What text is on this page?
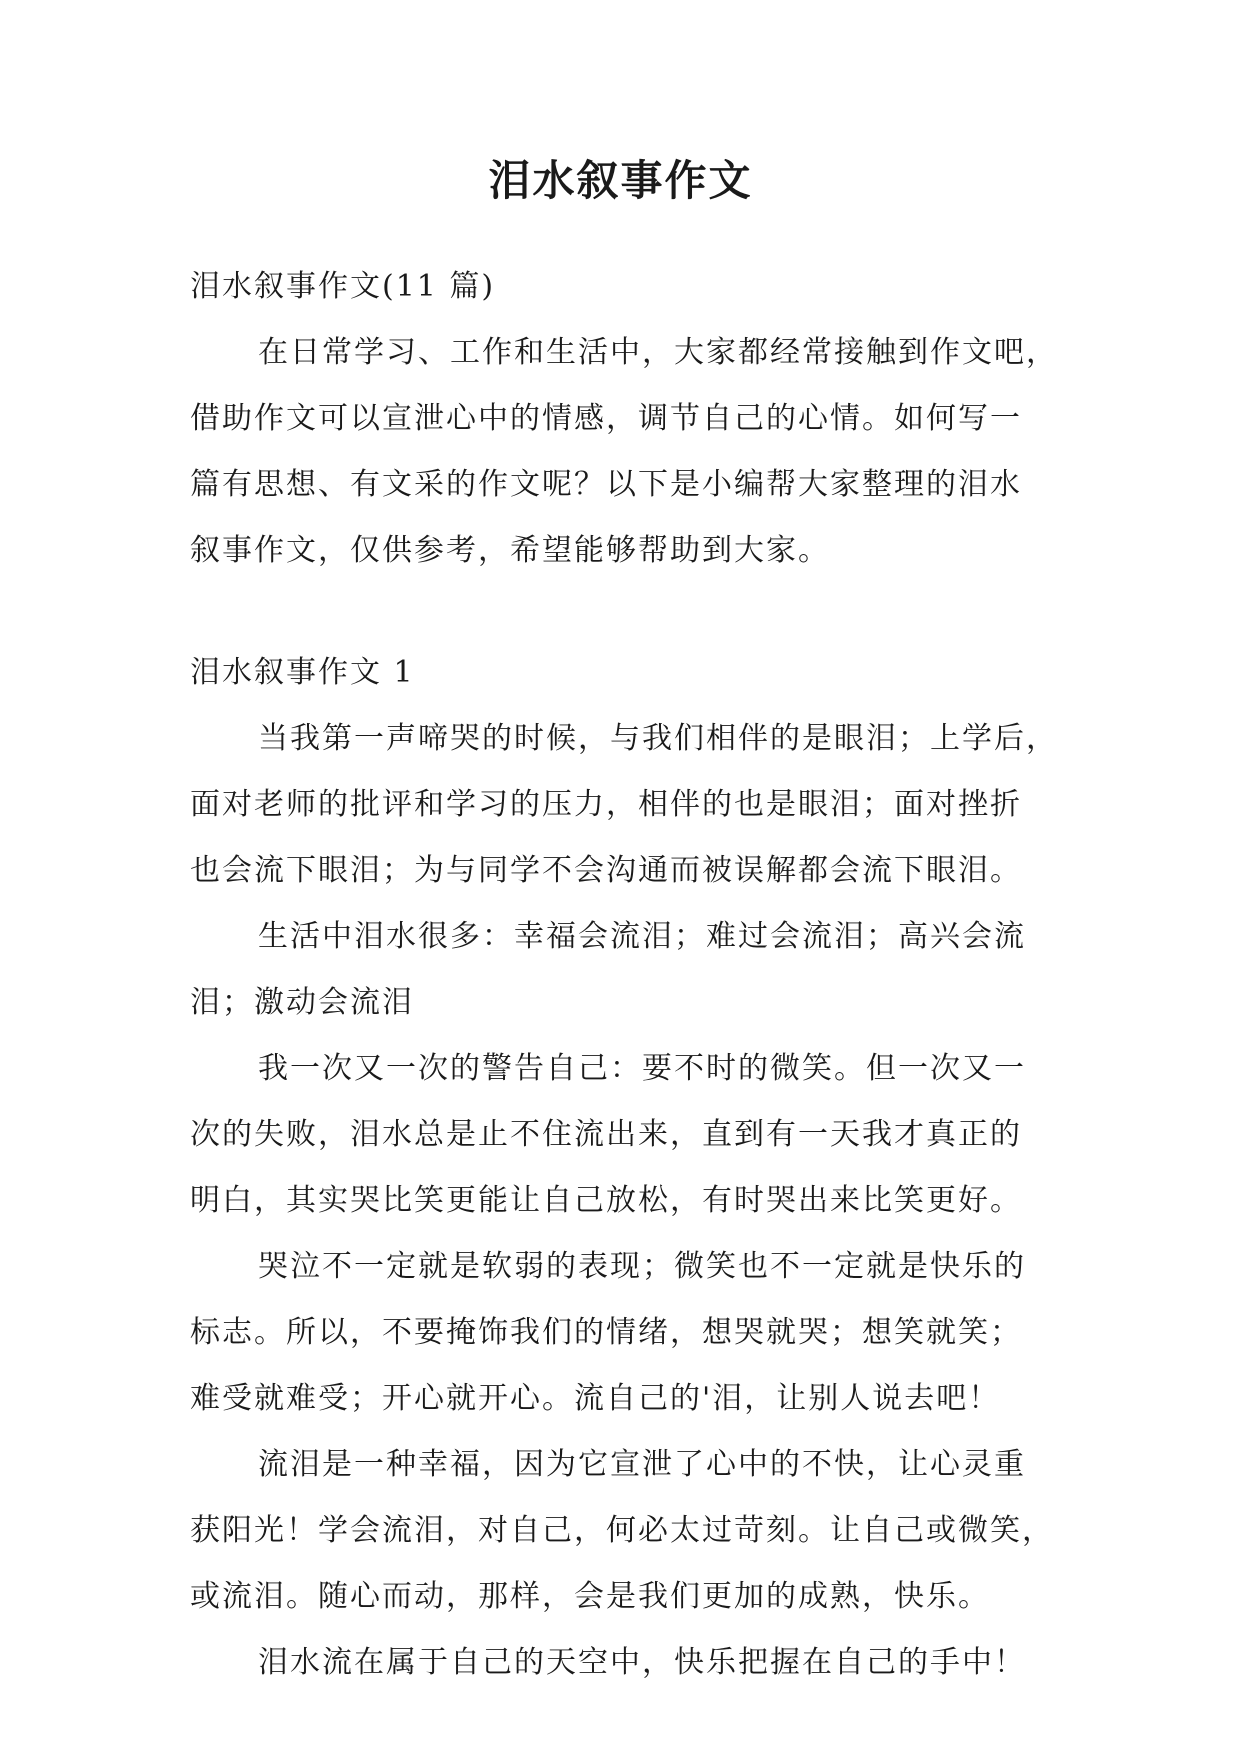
泪水叙事作文
泪水叙事作文(11 篇)
在日常学习、工作和生活中，大家都经常接触到作文吧，
借助作文可以宣泄心中的情感，调节自己的心情。如何写一
篇有思想、有文采的作文呢？以下是小编帮大家整理的泪水
叙事作文，仅供参考，希望能够帮助到大家。
泪水叙事作文 1
当我第一声啼哭的时候，与我们相伴的是眼泪；上学后，
面对老师的批评和学习的压力，相伴的也是眼泪；面对挫折
也会流下眼泪；为与同学不会沟通而被误解都会流下眼泪。
生活中泪水很多：幸福会流泪；难过会流泪；高兴会流
泪；激动会流泪
我一次又一次的警告自己：要不时的微笑。但一次又一
次的失败，泪水总是止不住流出来，直到有一天我才真正的
明白，其实哭比笑更能让自己放松，有时哭出来比笑更好。
哭泣不一定就是软弱的表现；微笑也不一定就是快乐的
标志。所以，不要掩饰我们的情绪，想哭就哭；想笑就笑；
难受就难受；开心就开心。流自己的'泪，让别人说去吧！
流泪是一种幸福，因为它宣泄了心中的不快，让心灵重
获阳光！学会流泪，对自己，何必太过苛刻。让自己或微笑，
或流泪。随心而动，那样，会是我们更加的成熟，快乐。
泪水流在属于自己的天空中，快乐把握在自己的手中！
